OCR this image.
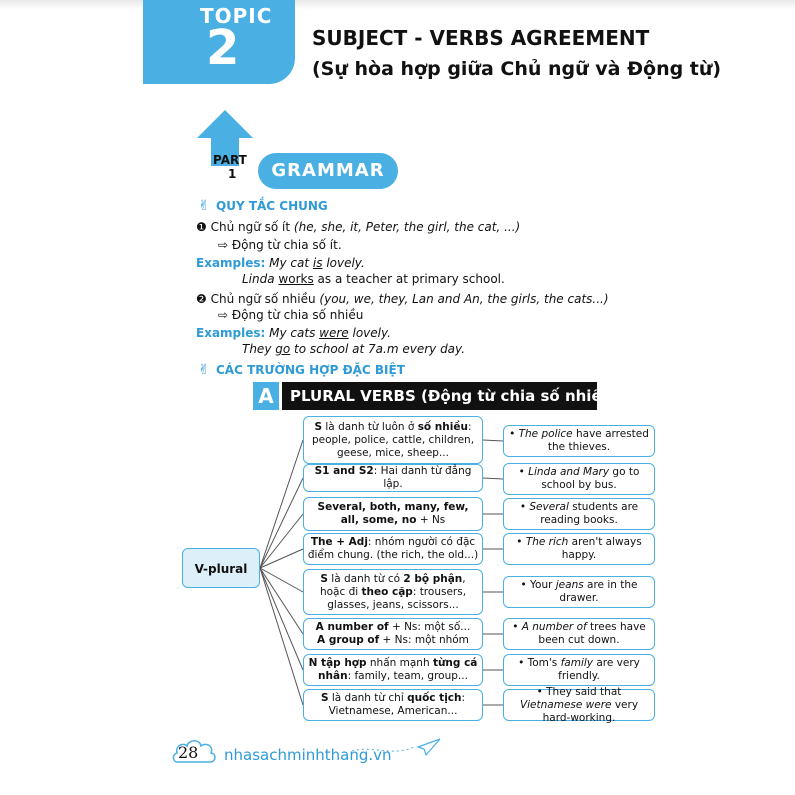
TOPIC
2	SUBJECT - VERBS AGREEMENT
(Sự hòa hợp giữa Chủ ngữ và Động từ)
PART
1	GRAMMAR
✌ QUY TẮC CHUNG
❶ Chủ ngữ số ít (he, she, it, Peter, the girl, the cat, ...)
⇨ Động từ chia số ít.
Examples: My cat is lovely.
Linda works as a teacher at primary school.
❷ Chủ ngữ số nhiều (you, we, they, Lan and An, the girls, the cats...)
⇨ Động từ chia số nhiều
Examples: My cats were lovely.
They go to school at 7a.m every day.
✌ CÁC TRƯỜNG HỢP ĐẶC BIỆT
A	PLURAL VERBS (Động từ chia số nhiều)
V-plural
S là danh từ luôn ở số nhiều: people, police, cattle, children, geese, mice, sheep...
• The police have arrested the thieves.
S1 and S2: Hai danh từ đẳng lập.
• Linda and Mary go to school by bus.
Several, both, many, few, all, some, no + Ns
• Several students are reading books.
The + Adj: nhóm người có đặc điểm chung. (the rich, the old...)
• The rich aren't always happy.
S là danh từ có 2 bộ phận, hoặc đi theo cặp: trousers, glasses, jeans, scissors...
• Your jeans are in the drawer.
A number of + Ns: một số...
A group of + Ns: một nhóm
• A number of trees have been cut down.
N tập hợp nhấn mạnh từng cá nhân: family, team, group...
• Tom's family are very friendly.
S là danh từ chỉ quốc tịch: Vietnamese, American...
• They said that Vietnamese were very hard-working.
28 nhasachminhthang.vn
